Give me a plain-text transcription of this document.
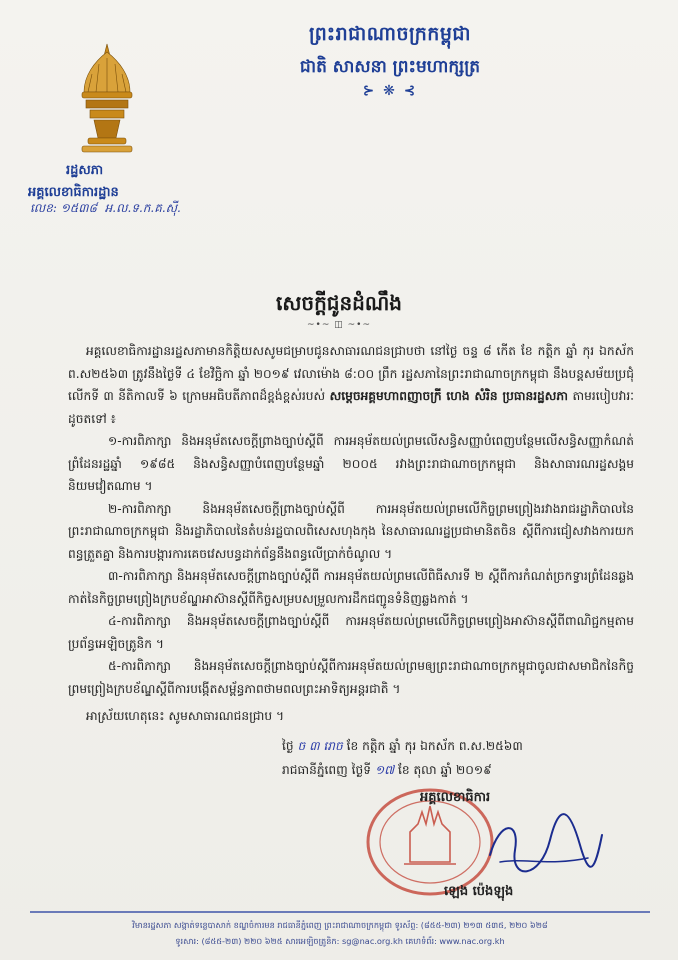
ព្រះរាជាណាចក្រកម្ពុជា
ជាតិ សាសនា ព្រះមហាក្សត្រ
⊱ ❋ ⊰
រដ្ឋសភា
អគ្គលេខាធិការដ្ឋាន
លេខ: ១៥៣៨ ​ អ.ល.ទ.ក.គ.ស៊ី.
សេចក្តីជូនដំណឹង
~•~ ◫ ~•~

អគ្គលេខាធិការដ្ឋានរដ្ឋសភាមានកិត្តិយសសូមជម្រាបជូនសាធារណជនជ្រាបថា នៅថ្ងៃ ចន្ទ ៨ កើត ខែ កត្តិក ឆ្នាំ កុរ ឯកស័ក ព.ស២៥៦៣ ត្រូវនឹងថ្ងៃទី ៤ ខែវិច្ឆិកា ឆ្នាំ ២០១៩ វេលាម៉ោង ៨:០០ ព្រឹក រដ្ឋសភានៃព្រះរាជាណាចក្រកម្ពុជា នឹងបន្តសម័យប្រជុំលើកទី ៣ នីតិកាលទី ៦ ក្រោមអធិបតីភាពដ៏ខ្ពង់ខ្ពស់របស់ សម្តេចអគ្គមហាពញាចក្រី ហេង សំរិន ប្រធានរដ្ឋសភា តាមរបៀបវារៈដូចតទៅ ៖

១-ការពិភាក្សា និងអនុម័តសេចក្តីព្រាងច្បាប់ស្តីពី ការអនុម័តយល់ព្រមលើសន្ធិសញ្ញាបំពេញបន្ថែមលើសន្ធិសញ្ញាកំណត់ព្រំដែនរដ្ឋឆ្នាំ ១៩៨៥ និងសន្ធិសញ្ញាបំពេញបន្ថែមឆ្នាំ ២០០៥ រវាងព្រះរាជាណាចក្រកម្ពុជា និងសាធារណរដ្ឋសង្គមនិយមវៀតណាម ។

២-ការពិភាក្សា និងអនុម័តសេចក្តីព្រាងច្បាប់ស្តីពី ការអនុម័តយល់ព្រមលើកិច្ចព្រមព្រៀងរវាងរាជរដ្ឋាភិបាលនៃព្រះរាជាណាចក្រកម្ពុជា និងរដ្ឋាភិបាលនៃតំបន់រដ្ឋបាលពិសេសហុងកុង នៃសាធារណរដ្ឋប្រជាមានិតចិន ស្តីពីការជៀសវាងការយកពន្ធត្រួតគ្នា និងការបង្ការការគេចវេសបន្ធដាក់ព័ន្ធនឹងពន្ធលើប្រាក់ចំណូល ។

៣-ការពិភាក្សា និងអនុម័តសេចក្តីព្រាងច្បាប់ស្តីពី ការអនុម័តយល់ព្រមលើពិធីសារទី ២ ស្តីពីការកំណត់ច្រកទ្វារព្រំដែនឆ្លងកាត់នៃកិច្ចព្រមព្រៀងក្របខ័ណ្ឌអាស៊ានស្តីពីកិច្ចសម្របសម្រួលការដឹកជញ្ជូនទំនិញឆ្លងកាត់ ។

៤-ការពិភាក្សា និងអនុម័តសេចក្តីព្រាងច្បាប់ស្តីពី ការអនុម័តយល់ព្រមលើកិច្ចព្រមព្រៀងអាស៊ានស្តីពីពាណិជ្ជកម្មតាមប្រព័ន្ធអេឡិចត្រូនិក ។

៥-ការពិភាក្សា និងអនុម័តសេចក្តីព្រាងច្បាប់ស្តីពីការអនុម័តយល់ព្រមឲ្យព្រះរាជាណាចក្រកម្ពុជាចូលជាសមាជិកនៃកិច្ចព្រមព្រៀងក្របខ័ណ្ឌស្តីពីការបង្កើតសម្ព័ន្ធភាពថាមពលព្រះអាទិត្យអន្តរជាតិ ។

អាស្រ័យហេតុនេះ សូមសាធារណជនជ្រាប ។
ថ្ងៃ ច ៣ រោច ខែ កត្តិក ឆ្នាំ កុរ ឯកស័ក ព.ស.២៥៦៣
រាជធានីភ្នំពេញ ថ្ងៃទី ១៧ ខែ តុលា ឆ្នាំ ២០១៩
អគ្គលេខាធិការ
ឡេង ប៉េងឡុង
វិមានរដ្ឋសភា សង្កាត់ទន្លេបាសាក់ ខណ្ឌចំការមន រាជធានីភ្នំពេញ ព្រះរាជាណាចក្រកម្ពុជា ទូរស័ព្ទ: (៨៥៥-២៣) ២១៣ ៥៣៥, ២២០ ៦២៨
ទូរសារ: (៨៥៥-២៣) ២២០ ៦២៥ សារអេឡិចត្រូនិក: sg@nac.org.kh គេហទំព័រ: www.nac.org.kh
